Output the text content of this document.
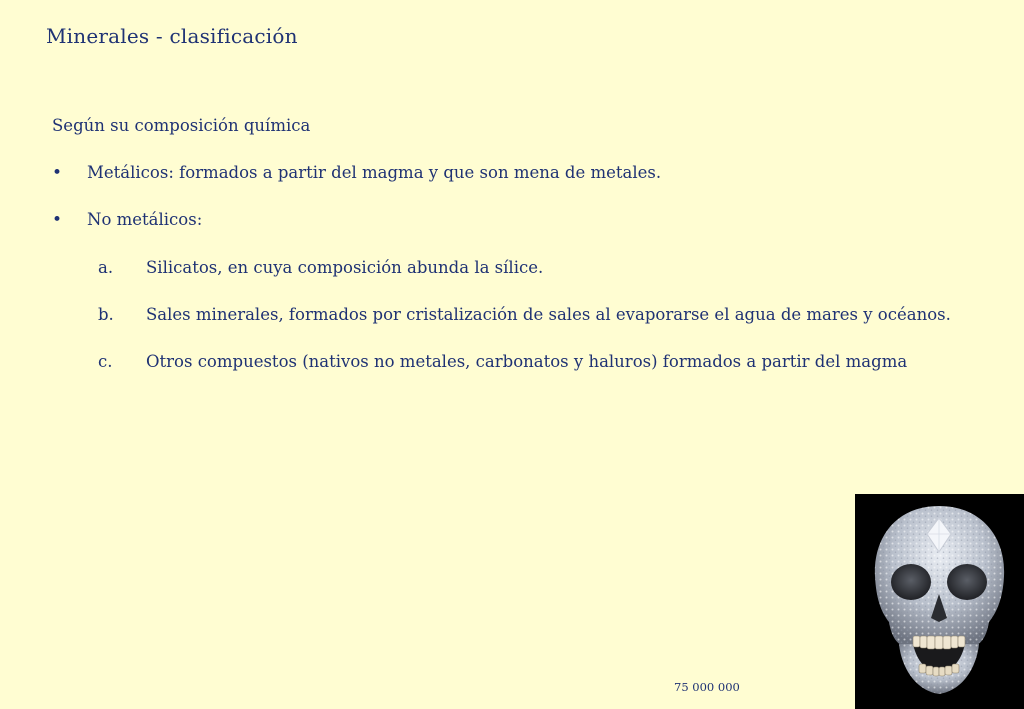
Minerales - clasificación
Según su composición química
• Metálicos: formados a partir del magma y que son mena de metales.
• No metálicos:
a. Silicatos, en cuya composición abunda la sílice.
b. Sales minerales, formados por cristalización de sales al evaporarse el agua de mares y océanos.
c. Otros compuestos (nativos no metales, carbonatos y haluros) formados a partir del magma
75 000 000
